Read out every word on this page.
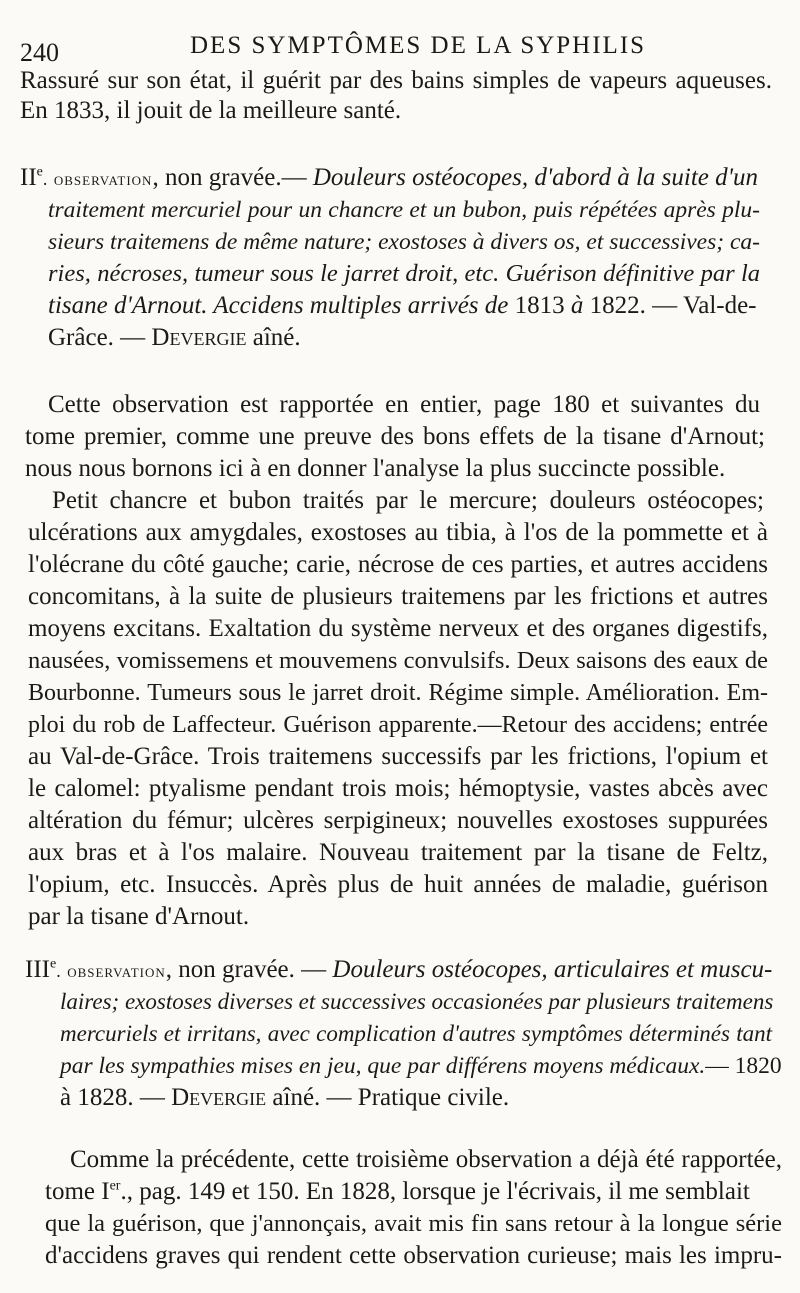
240	DES SYMPTÔMES DE LA SYPHILIS
Rassuré sur son état, il guérit par des bains simples de vapeurs aqueuses.
En 1833, il jouit de la meilleure santé.
IIe. observation, non gravée.— Douleurs ostéocopes, d'abord à la suite d'un
traitement mercuriel pour un chancre et un bubon, puis répétées après plu-
sieurs traitemens de même nature; exostoses à divers os, et successives; ca-
ries, nécroses, tumeur sous le jarret droit, etc. Guérison définitive par la
tisane d'Arnout. Accidens multiples arrivés de 1813 à 1822. — Val-de-
Grâce. — Devergie aîné.
Cette observation est rapportée en entier, page 180 et suivantes du
tome premier, comme une preuve des bons effets de la tisane d'Arnout;
nous nous bornons ici à en donner l'analyse la plus succincte possible.
Petit chancre et bubon traités par le mercure; douleurs ostéocopes;
ulcérations aux amygdales, exostoses au tibia, à l'os de la pommette et à
l'olécrane du côté gauche; carie, nécrose de ces parties, et autres accidens
concomitans, à la suite de plusieurs traitemens par les frictions et autres
moyens excitans. Exaltation du système nerveux et des organes digestifs,
nausées, vomissemens et mouvemens convulsifs. Deux saisons des eaux de
Bourbonne. Tumeurs sous le jarret droit. Régime simple. Amélioration. Em-
ploi du rob de Laffecteur. Guérison apparente.—Retour des accidens; entrée
au Val-de-Grâce. Trois traitemens successifs par les frictions, l'opium et
le calomel: ptyalisme pendant trois mois; hémoptysie, vastes abcès avec
altération du fémur; ulcères serpigineux; nouvelles exostoses suppurées
aux bras et à l'os malaire. Nouveau traitement par la tisane de Feltz,
l'opium, etc. Insuccès. Après plus de huit années de maladie, guérison
par la tisane d'Arnout.
IIIe. observation, non gravée. — Douleurs ostéocopes, articulaires et muscu-
laires; exostoses diverses et successives occasionées par plusieurs traitemens
mercuriels et irritans, avec complication d'autres symptômes déterminés tant
par les sympathies mises en jeu, que par différens moyens médicaux.— 1820
à 1828. — Devergie aîné. — Pratique civile.
Comme la précédente, cette troisième observation a déjà été rapportée,
tome Ier., pag. 149 et 150. En 1828, lorsque je l'écrivais, il me semblait
que la guérison, que j'annonçais, avait mis fin sans retour à la longue série
d'accidens graves qui rendent cette observation curieuse; mais les impru-
